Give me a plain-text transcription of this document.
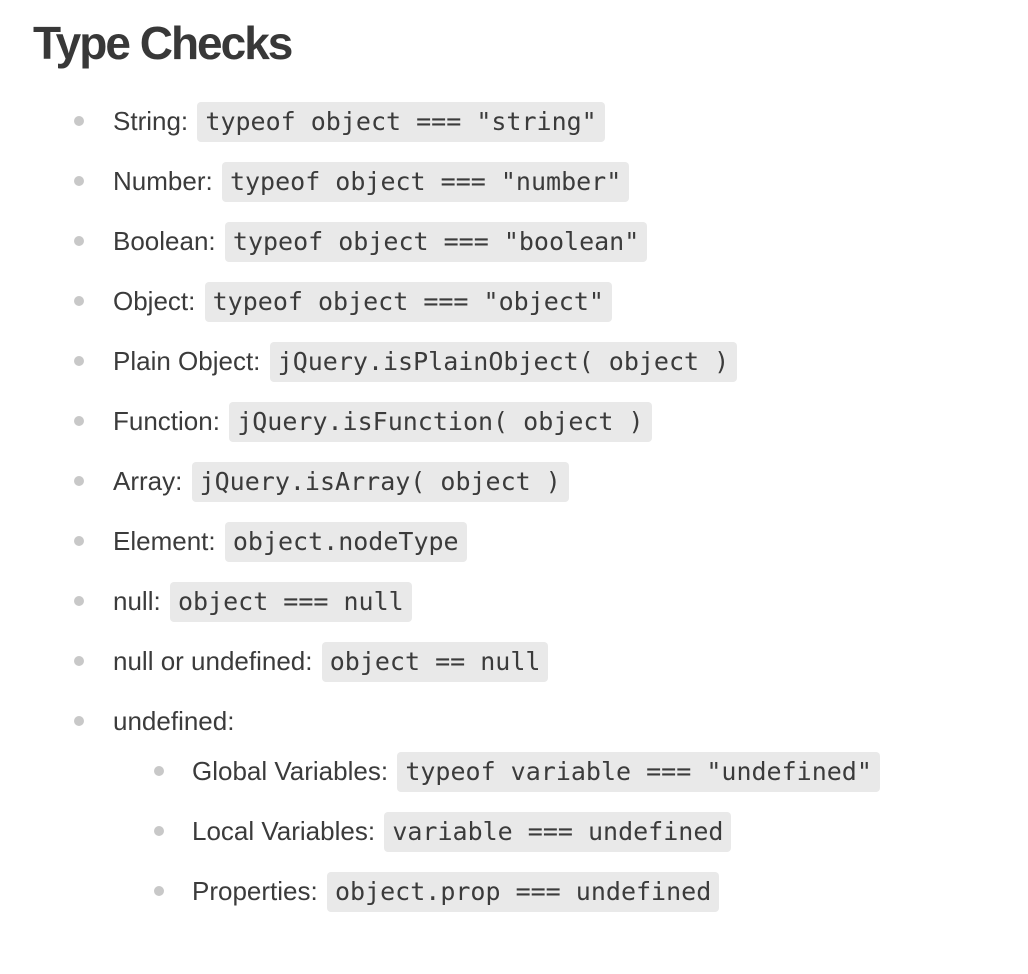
Type Checks
String: typeof object === "string"
Number: typeof object === "number"
Boolean: typeof object === "boolean"
Object: typeof object === "object"
Plain Object: jQuery.isPlainObject( object )
Function: jQuery.isFunction( object )
Array: jQuery.isArray( object )
Element: object.nodeType
null: object === null
null or undefined: object == null
undefined:
Global Variables: typeof variable === "undefined"
Local Variables: variable === undefined
Properties: object.prop === undefined
